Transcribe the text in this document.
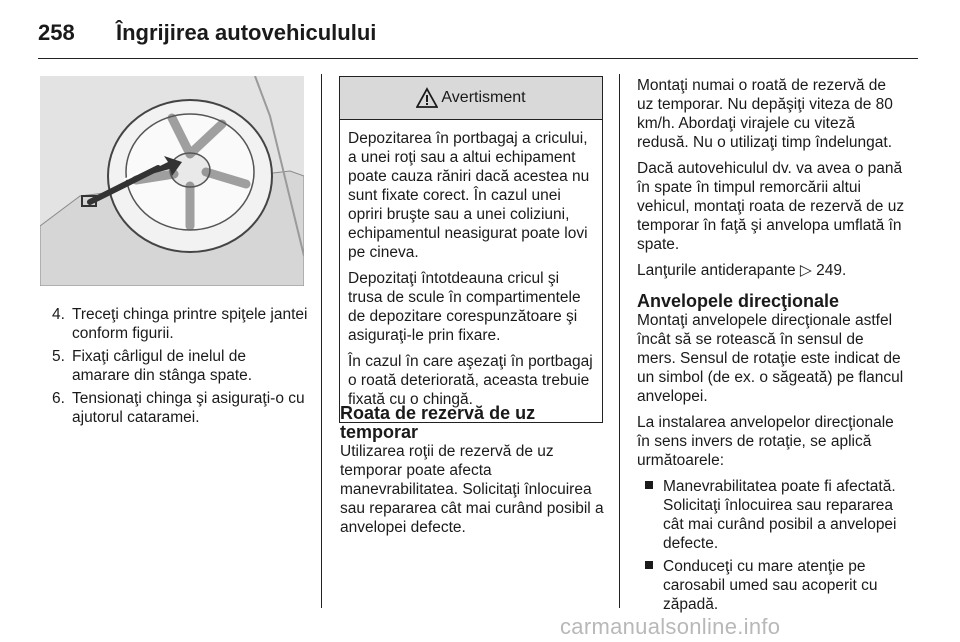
258 Îngrijirea autovehiculului
4. Treceţi chinga printre spiţele jantei conform figurii.
5. Fixaţi cârligul de inelul de amarare din stânga spate.
6. Tensionaţi chinga şi asiguraţi-o cu ajutorul cataramei.
Avertisment

Depozitarea în portbagaj a cricului, a unei roţi sau a altui echipament poate cauza răniri dacă acestea nu sunt fixate corect. În cazul unei opriri bruşte sau a unei coliziuni, echipamentul neasigurat poate lovi pe cineva.

Depozitaţi întotdeauna cricul şi trusa de scule în compartimentele de depozitare corespunzătoare şi asiguraţi-le prin fixare.

În cazul în care aşezaţi în portbagaj o roată deteriorată, aceasta trebuie fixată cu o chingă.

Roata de rezervă de uz temporar

Utilizarea roţii de rezervă de uz temporar poate afecta manevrabilitatea. Solicitaţi înlocuirea sau repararea cât mai curând posibil a anvelopei defecte.

Montaţi numai o roată de rezervă de uz temporar. Nu depăşiţi viteza de 80 km/h. Abordaţi virajele cu viteză redusă. Nu o utilizaţi timp îndelungat.

Dacă autovehiculul dv. va avea o pană în spate în timpul remorcării altui vehicul, montaţi roata de rezervă de uz temporar în faţă şi anvelopa umflată în spate.

Lanţurile antiderapante ▷ 249.

Anvelopele direcţionale

Montaţi anvelopele direcţionale astfel încât să se rotească în sensul de mers. Sensul de rotaţie este indicat de un simbol (de ex. o săgeată) pe flancul anvelopei.

La instalarea anvelopelor direcţionale în sens invers de rotaţie, se aplică următoarele:

Manevrabilitatea poate fi afectată. Solicitaţi înlocuirea sau repararea cât mai curând posibil a anvelopei defecte.
Conduceţi cu mare atenţie pe carosabil umed sau acoperit cu zăpadă.
carmanualsonline.info
